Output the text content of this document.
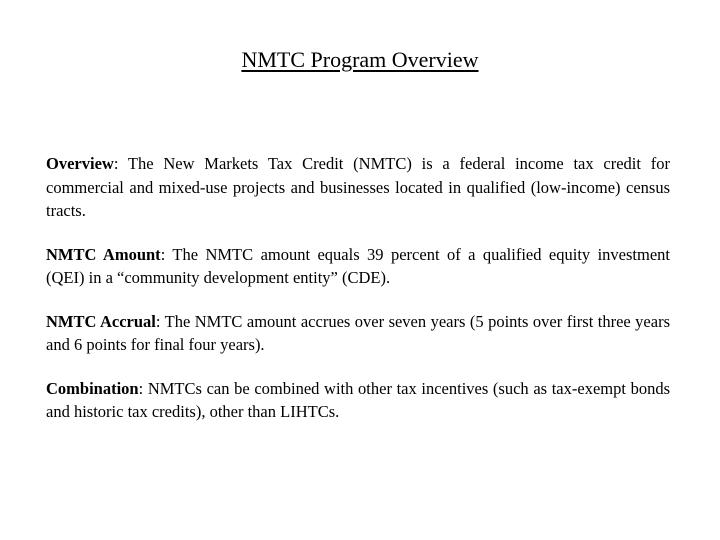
NMTC Program Overview

Overview: The New Markets Tax Credit (NMTC) is a federal income tax credit for commercial and mixed-use projects and businesses located in qualified (low-income) census tracts.

NMTC Amount: The NMTC amount equals 39 percent of a qualified equity investment (QEI) in a “community development entity” (CDE).

NMTC Accrual: The NMTC amount accrues over seven years (5 points over first three years and 6 points for final four years).

Combination: NMTCs can be combined with other tax incentives (such as tax-exempt bonds and historic tax credits), other than LIHTCs.
